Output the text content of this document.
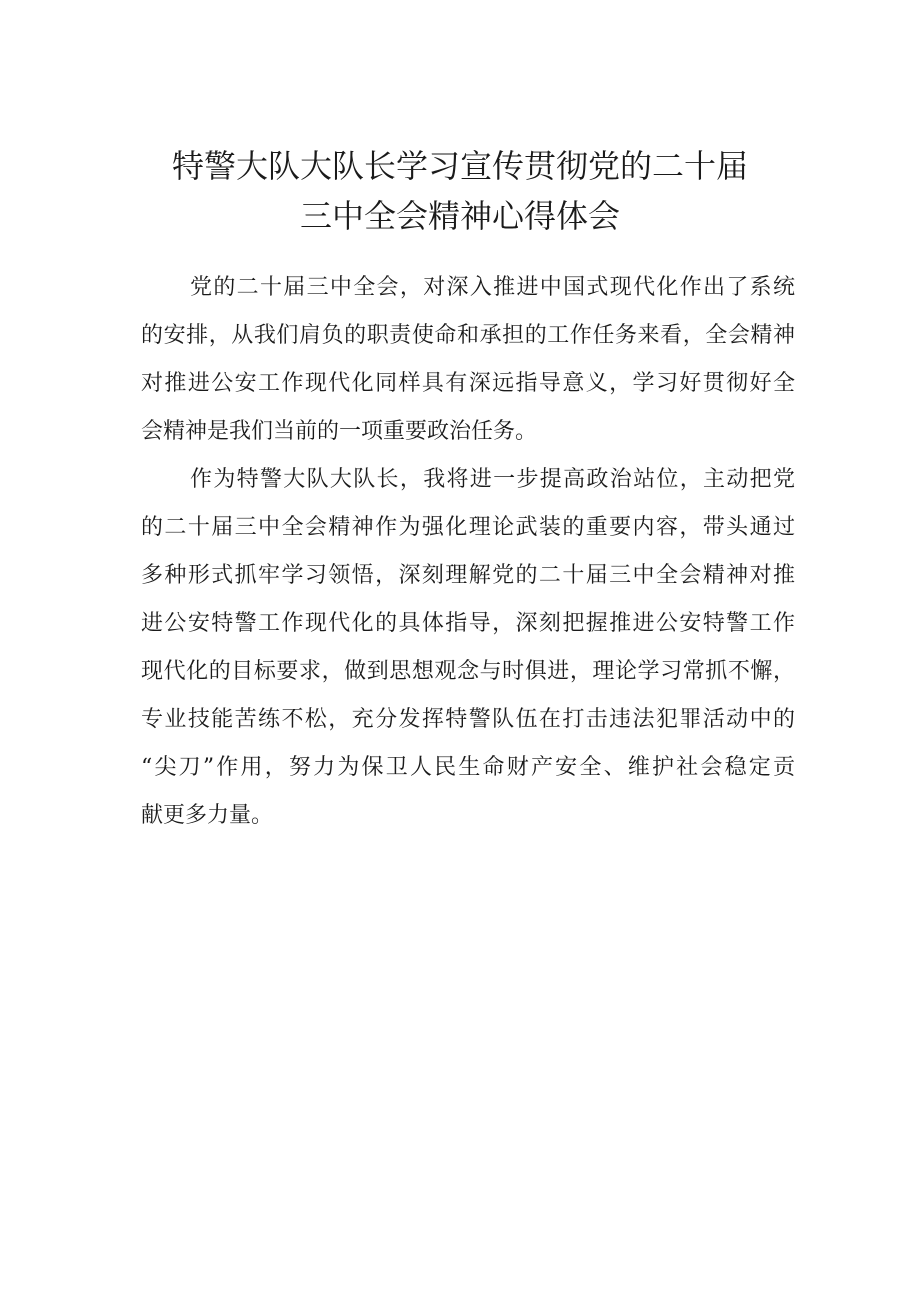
特警大队大队长学习宣传贯彻党的二十届
三中全会精神心得体会
党的二十届三中全会，对深入推进中国式现代化作出了系统
的安排，从我们肩负的职责使命和承担的工作任务来看，全会精神
对推进公安工作现代化同样具有深远指导意义，学习好贯彻好全
会精神是我们当前的一项重要政治任务。
作为特警大队大队长，我将进一步提高政治站位，主动把党
的二十届三中全会精神作为强化理论武装的重要内容，带头通过
多种形式抓牢学习领悟，深刻理解党的二十届三中全会精神对推
进公安特警工作现代化的具体指导，深刻把握推进公安特警工作
现代化的目标要求，做到思想观念与时俱进，理论学习常抓不懈，
专业技能苦练不松，充分发挥特警队伍在打击违法犯罪活动中的
“尖刀”作用，努力为保卫人民生命财产安全、维护社会稳定贡
献更多力量。
